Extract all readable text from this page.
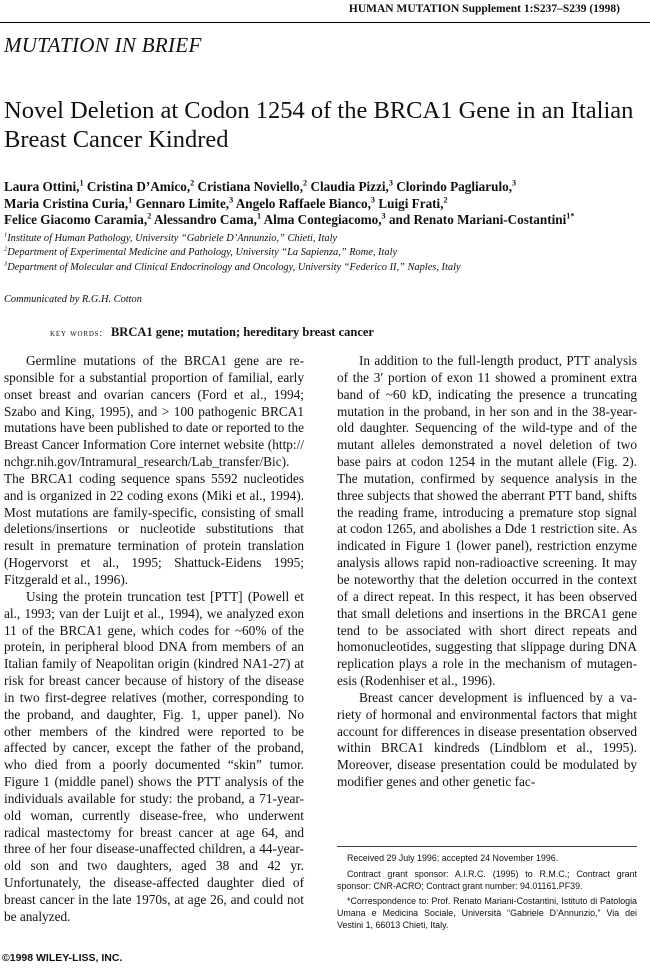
HUMAN MUTATION Supplement 1:S237–S239 (1998)
MUTATION IN BRIEF
Novel Deletion at Codon 1254 of the BRCA1 Gene in an Italian Breast Cancer Kindred
Laura Ottini,$^1$ Cristina D’Amico,$^2$ Cristiana Noviello,$^2$ Claudia Pizzi,$^3$ Clorindo Pagliarulo,$^3$
Maria Cristina Curia,$^1$ Gennaro Limite,$^3$ Angelo Raffaele Bianco,$^3$ Luigi Frati,$^2$
Felice Giacomo Caramia,$^2$ Alessandro Cama,$^1$ Alma Contegiacomo,$^3$ and Renato Mariani-Costantini$^{1*}$
$^1$Institute of Human Pathology, University “Gabriele D’Annunzio,” Chieti, Italy
$^2$Department of Experimental Medicine and Pathology, University “La Sapienza,” Rome, Italy
$^3$Department of Molecular and Clinical Endocrinology and Oncology, University “Federico II,” Naples, Italy
Communicated by R.G.H. Cotton
key words: BRCA1 gene; mutation; hereditary breast cancer

Germline mutations of the BRCA1 gene are responsible for a substantial proportion of familial, early onset breast and ovarian cancers (Ford et al., 1994; Szabo and King, 1995), and > 100 pathogenic BRCA1 mutations have been published to date or reported to the Breast Cancer Information Core internet website (http://​nchgr.nih.gov/Intramural_research/Lab_transfer/​Bic). The BRCA1 coding sequence spans 5592 nucleotides and is organized in 22 coding exons (Miki et al., 1994). Most mutations are family-specific, consisting of small deletions/insertions or nucleotide substitutions that result in premature termination of protein translation (Hogervorst et al., 1995; Shattuck-Eidens 1995; Fitzgerald et al., 1996).

Using the protein truncation test [PTT] (Powell et al., 1993; van der Luijt et al., 1994), we analyzed exon 11 of the BRCA1 gene, which codes for ~60% of the protein, in peripheral blood DNA from members of an Italian family of Neapolitan origin (kindred NA1-27) at risk for breast cancer because of history of the disease in two first-degree relatives (mother, corresponding to the proband, and daughter, Fig. 1, upper panel). No other members of the kindred were reported to be affected by cancer, except the father of the proband, who died from a poorly documented “skin” tumor. Figure 1 (middle panel) shows the PTT analysis of the individuals available for study: the proband, a 71-year-old woman, currently disease-free, who underwent radical mastectomy for breast cancer at age 64, and three of her four disease-unaffected children, a 44-year-old son and two daughters, aged 38 and 42 yr. Unfortunately, the disease-affected daughter died of breast cancer in the late 1970s, at age 26, and could not be analyzed.

In addition to the full-length product, PTT analysis of the 3′ portion of exon 11 showed a prominent extra band of ~60 kD, indicating the presence a truncating mutation in the proband, in her son and in the 38-year-old daughter. Sequencing of the wild-type and of the mutant alleles demonstrated a novel deletion of two base pairs at codon 1254 in the mutant allele (Fig. 2). The mutation, confirmed by sequence analysis in the three subjects that showed the aberrant PTT band, shifts the reading frame, introducing a premature stop signal at codon 1265, and abolishes a Dde 1 restriction site. As indicated in Figure 1 (lower panel), restriction enzyme analysis allows rapid non-radioactive screening. It may be noteworthy that the deletion occurred in the context of a direct repeat. In this respect, it has been observed that small deletions and insertions in the BRCA1 gene tend to be associated with short direct repeats and homonucleotides, suggesting that slippage during DNA replication plays a role in the mechanism of mutagenesis (Rodenhiser et al., 1996).

Breast cancer development is influenced by a variety of hormonal and environmental factors that might account for differences in disease presentation observed within BRCA1 kindreds (Lindblom et al., 1995). Moreover, disease presentation could be modulated by modifier genes and other genetic fac-

Received 29 July 1996; accepted 24 November 1996.

Contract grant sponsor: A.I.R.C. (1995) to R.M.C.; Contract grant sponsor: CNR-ACRO; Contract grant number: 94.01161.PF39.

*Correspondence to: Prof. Renato Mariani-Costantini, Istituto di Patologia Umana e Medicina Sociale, Università “Gabriele D’Annunzio,” Via dei Vestini 1, 66013 Chieti, Italy.

©1998 WILEY-LISS, INC.
